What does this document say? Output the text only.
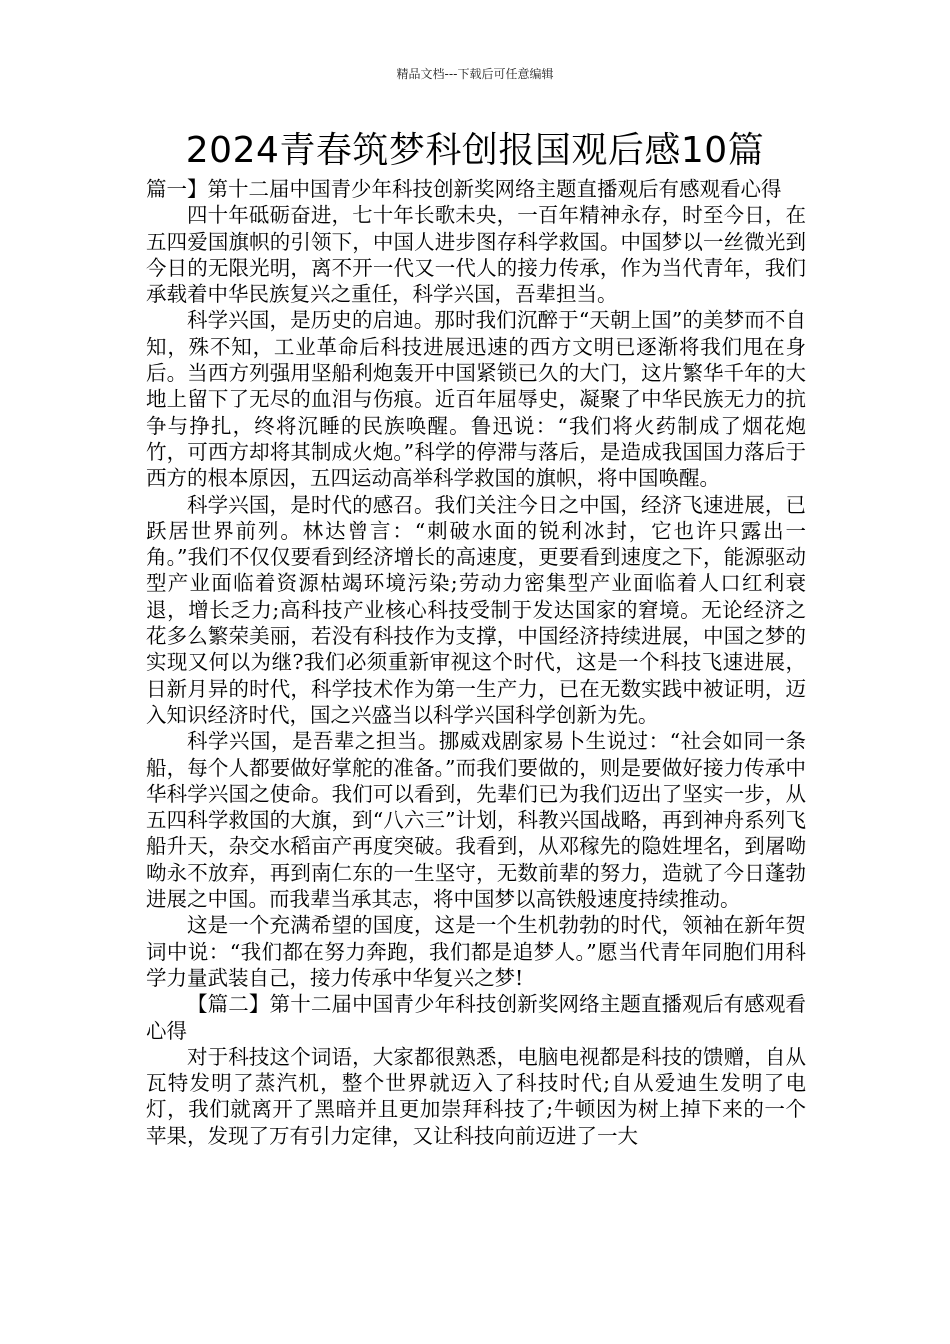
精品文档---下载后可任意编辑
2024青春筑梦科创报国观后感10篇

篇一】第十二届中国青少年科技创新奖网络主题直播观后有感观看心得

四十年砥砺奋进，七十年长歌未央，一百年精神永存，时至今日，在五四爱国旗帜的引领下，中国人进步图存科学救国。中国梦以一丝微光到今日的无限光明，离不开一代又一代人的接力传承，作为当代青年，我们承载着中华民族复兴之重任，科学兴国，吾辈担当。

科学兴国，是历史的启迪。那时我们沉醉于“天朝上国”的美梦而不自知，殊不知，工业革命后科技进展迅速的西方文明已逐渐将我们甩在身后。当西方列强用坚船利炮轰开中国紧锁已久的大门，这片繁华千年的大地上留下了无尽的血泪与伤痕。近百年屈辱史，凝聚了中华民族无力的抗争与挣扎，终将沉睡的民族唤醒。鲁迅说：“我们将火药制成了烟花炮竹，可西方却将其制成火炮。”科学的停滞与落后，是造成我国国力落后于西方的根本原因，五四运动高举科学救国的旗帜，将中国唤醒。

科学兴国，是时代的感召。我们关注今日之中国，经济飞速进展，已跃居世界前列。林达曾言：“刺破水面的锐利冰封，它也许只露出一角。”我们不仅仅要看到经济增长的高速度，更要看到速度之下，能源驱动型产业面临着资源枯竭环境污染;劳动力密集型产业面临着人口红利衰退，增长乏力;高科技产业核心科技受制于发达国家的窘境。无论经济之花多么繁荣美丽，若没有科技作为支撑，中国经济持续进展，中国之梦的实现又何以为继?我们必须重新审视这个时代，这是一个科技飞速进展，日新月异的时代，科学技术作为第一生产力，已在无数实践中被证明，迈入知识经济时代，国之兴盛当以科学兴国科学创新为先。

科学兴国，是吾辈之担当。挪威戏剧家易卜生说过：“社会如同一条船，每个人都要做好掌舵的准备。”而我们要做的，则是要做好接力传承中华科学兴国之使命。我们可以看到，先辈们已为我们迈出了坚实一步，从五四科学救国的大旗，到“八六三”计划，科教兴国战略，再到神舟系列飞船升天，杂交水稻亩产再度突破。我看到，从邓稼先的隐姓埋名，到屠呦呦永不放弃，再到南仁东的一生坚守，无数前辈的努力，造就了今日蓬勃进展之中国。而我辈当承其志，将中国梦以高铁般速度持续推动。

这是一个充满希望的国度，这是一个生机勃勃的时代，领袖在新年贺词中说：“我们都在努力奔跑，我们都是追梦人。”愿当代青年同胞们用科学力量武装自己，接力传承中华复兴之梦!

【篇二】第十二届中国青少年科技创新奖网络主题直播观后有感观看心得

对于科技这个词语，大家都很熟悉，电脑电视都是科技的馈赠，自从瓦特发明了蒸汽机，整个世界就迈入了科技时代;自从爱迪生发明了电灯，我们就离开了黑暗并且更加崇拜科技了;牛顿因为树上掉下来的一个苹果，发现了万有引力定律，又让科技向前迈进了一大
